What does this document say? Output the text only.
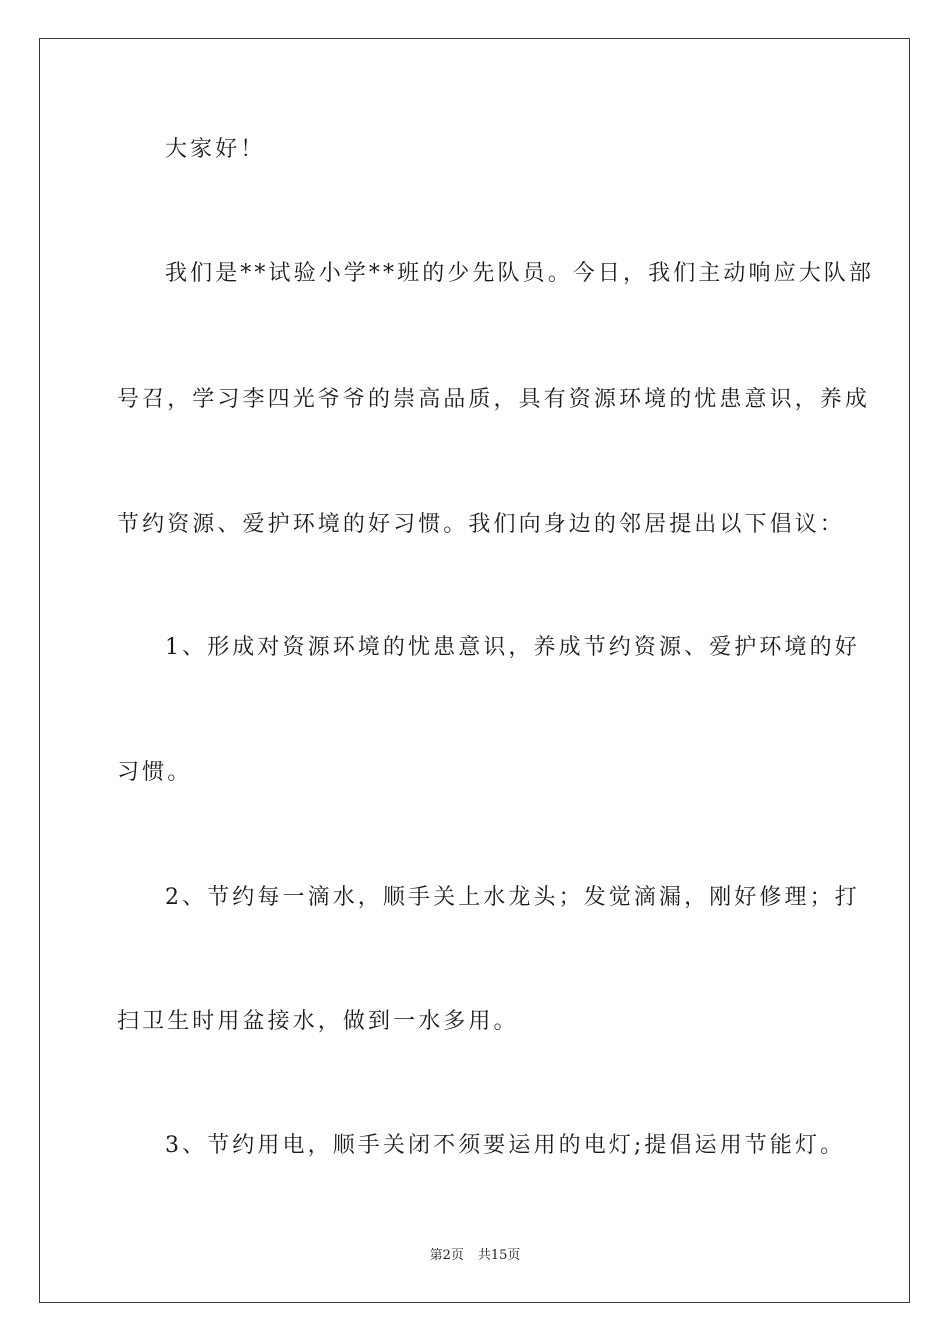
大家好！
我们是**试验小学**班的少先队员。今日，我们主动响应大队部
号召，学习李四光爷爷的崇高品质，具有资源环境的忧患意识，养成
节约资源、爱护环境的好习惯。我们向身边的邻居提出以下倡议：
1、形成对资源环境的忧患意识，养成节约资源、爱护环境的好
习惯。
2、节约每一滴水，顺手关上水龙头；发觉滴漏，刚好修理；打
扫卫生时用盆接水，做到一水多用。
3、节约用电，顺手关闭不须要运用的电灯;提倡运用节能灯。
第2页 共15页
